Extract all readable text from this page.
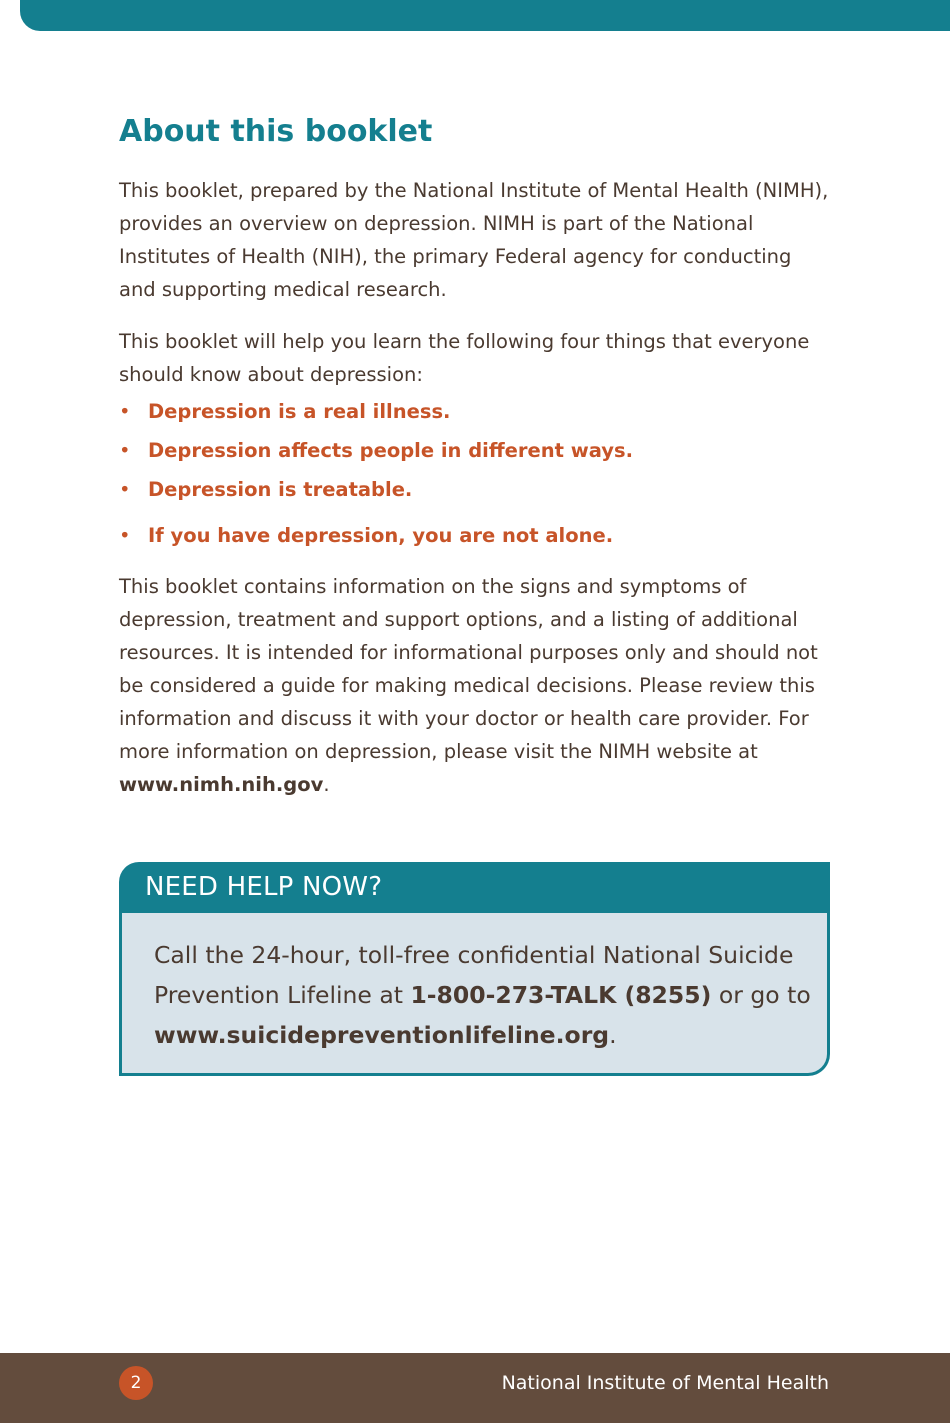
About this booklet

This booklet, prepared by the National Institute of Mental Health (NIMH), provides an overview on depression. NIMH is part of the National Institutes of Health (NIH), the primary Federal agency for conducting and supporting medical research.

This booklet will help you learn the following four things that everyone should know about depression:

• Depression is a real illness.
• Depression affects people in different ways.
• Depression is treatable.
• If you have depression, you are not alone.

This booklet contains information on the signs and symptoms of depression, treatment and support options, and a listing of additional resources. It is intended for informational purposes only and should not be considered a guide for making medical decisions. Please review this information and discuss it with your doctor or health care provider. For more information on depression, please visit the NIMH website at www.nimh.nih.gov.

Call the 24-hour, toll-free confidential National Suicide Prevention Lifeline at 1-800-273-TALK (8255) or go to www.suicidepreventionlifeline.org.
NEED HELP NOW?
2	National Institute of Mental Health
